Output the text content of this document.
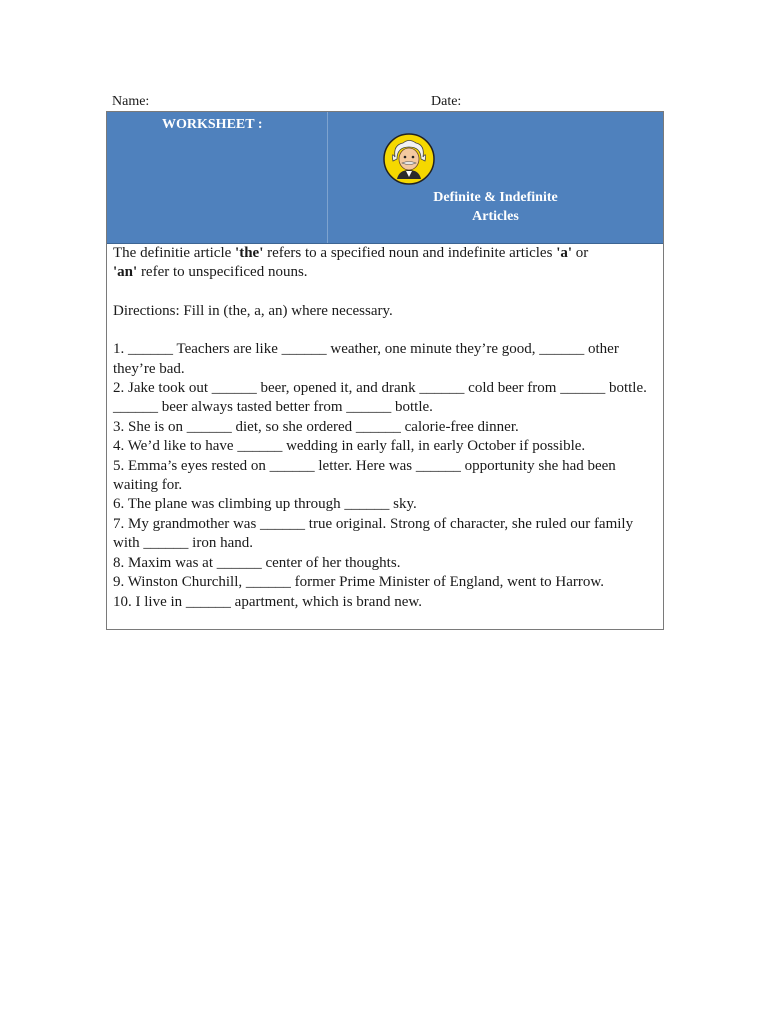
Name:	Date:
WORKSHEET :
Definite & Indefinite
Articles

The definitie article 'the' refers to a specified noun and indefinite articles 'a' or
'an' refer to unspecificed nouns.

Directions: Fill in (the, a, an) where necessary.

1. ______ Teachers are like ______ weather, one minute they’re good, ______ other they’re bad.

2. Jake took out ______ beer, opened it, and drank ______ cold beer from ______ bottle. ______ beer always tasted better from ______ bottle.

3. She is on ______ diet, so she ordered ______ calorie-free dinner.

4. We’d like to have ______ wedding in early fall, in early October if possible.

5. Emma’s eyes rested on ______ letter. Here was ______ opportunity she had been waiting for.

6. The plane was climbing up through ______ sky.

7. My grandmother was ______ true original. Strong of character, she ruled our family with ______ iron hand.

8. Maxim was at ______ center of her thoughts.

9. Winston Churchill, ______ former Prime Minister of England, went to Harrow.

10. I live in ______ apartment, which is brand new.
